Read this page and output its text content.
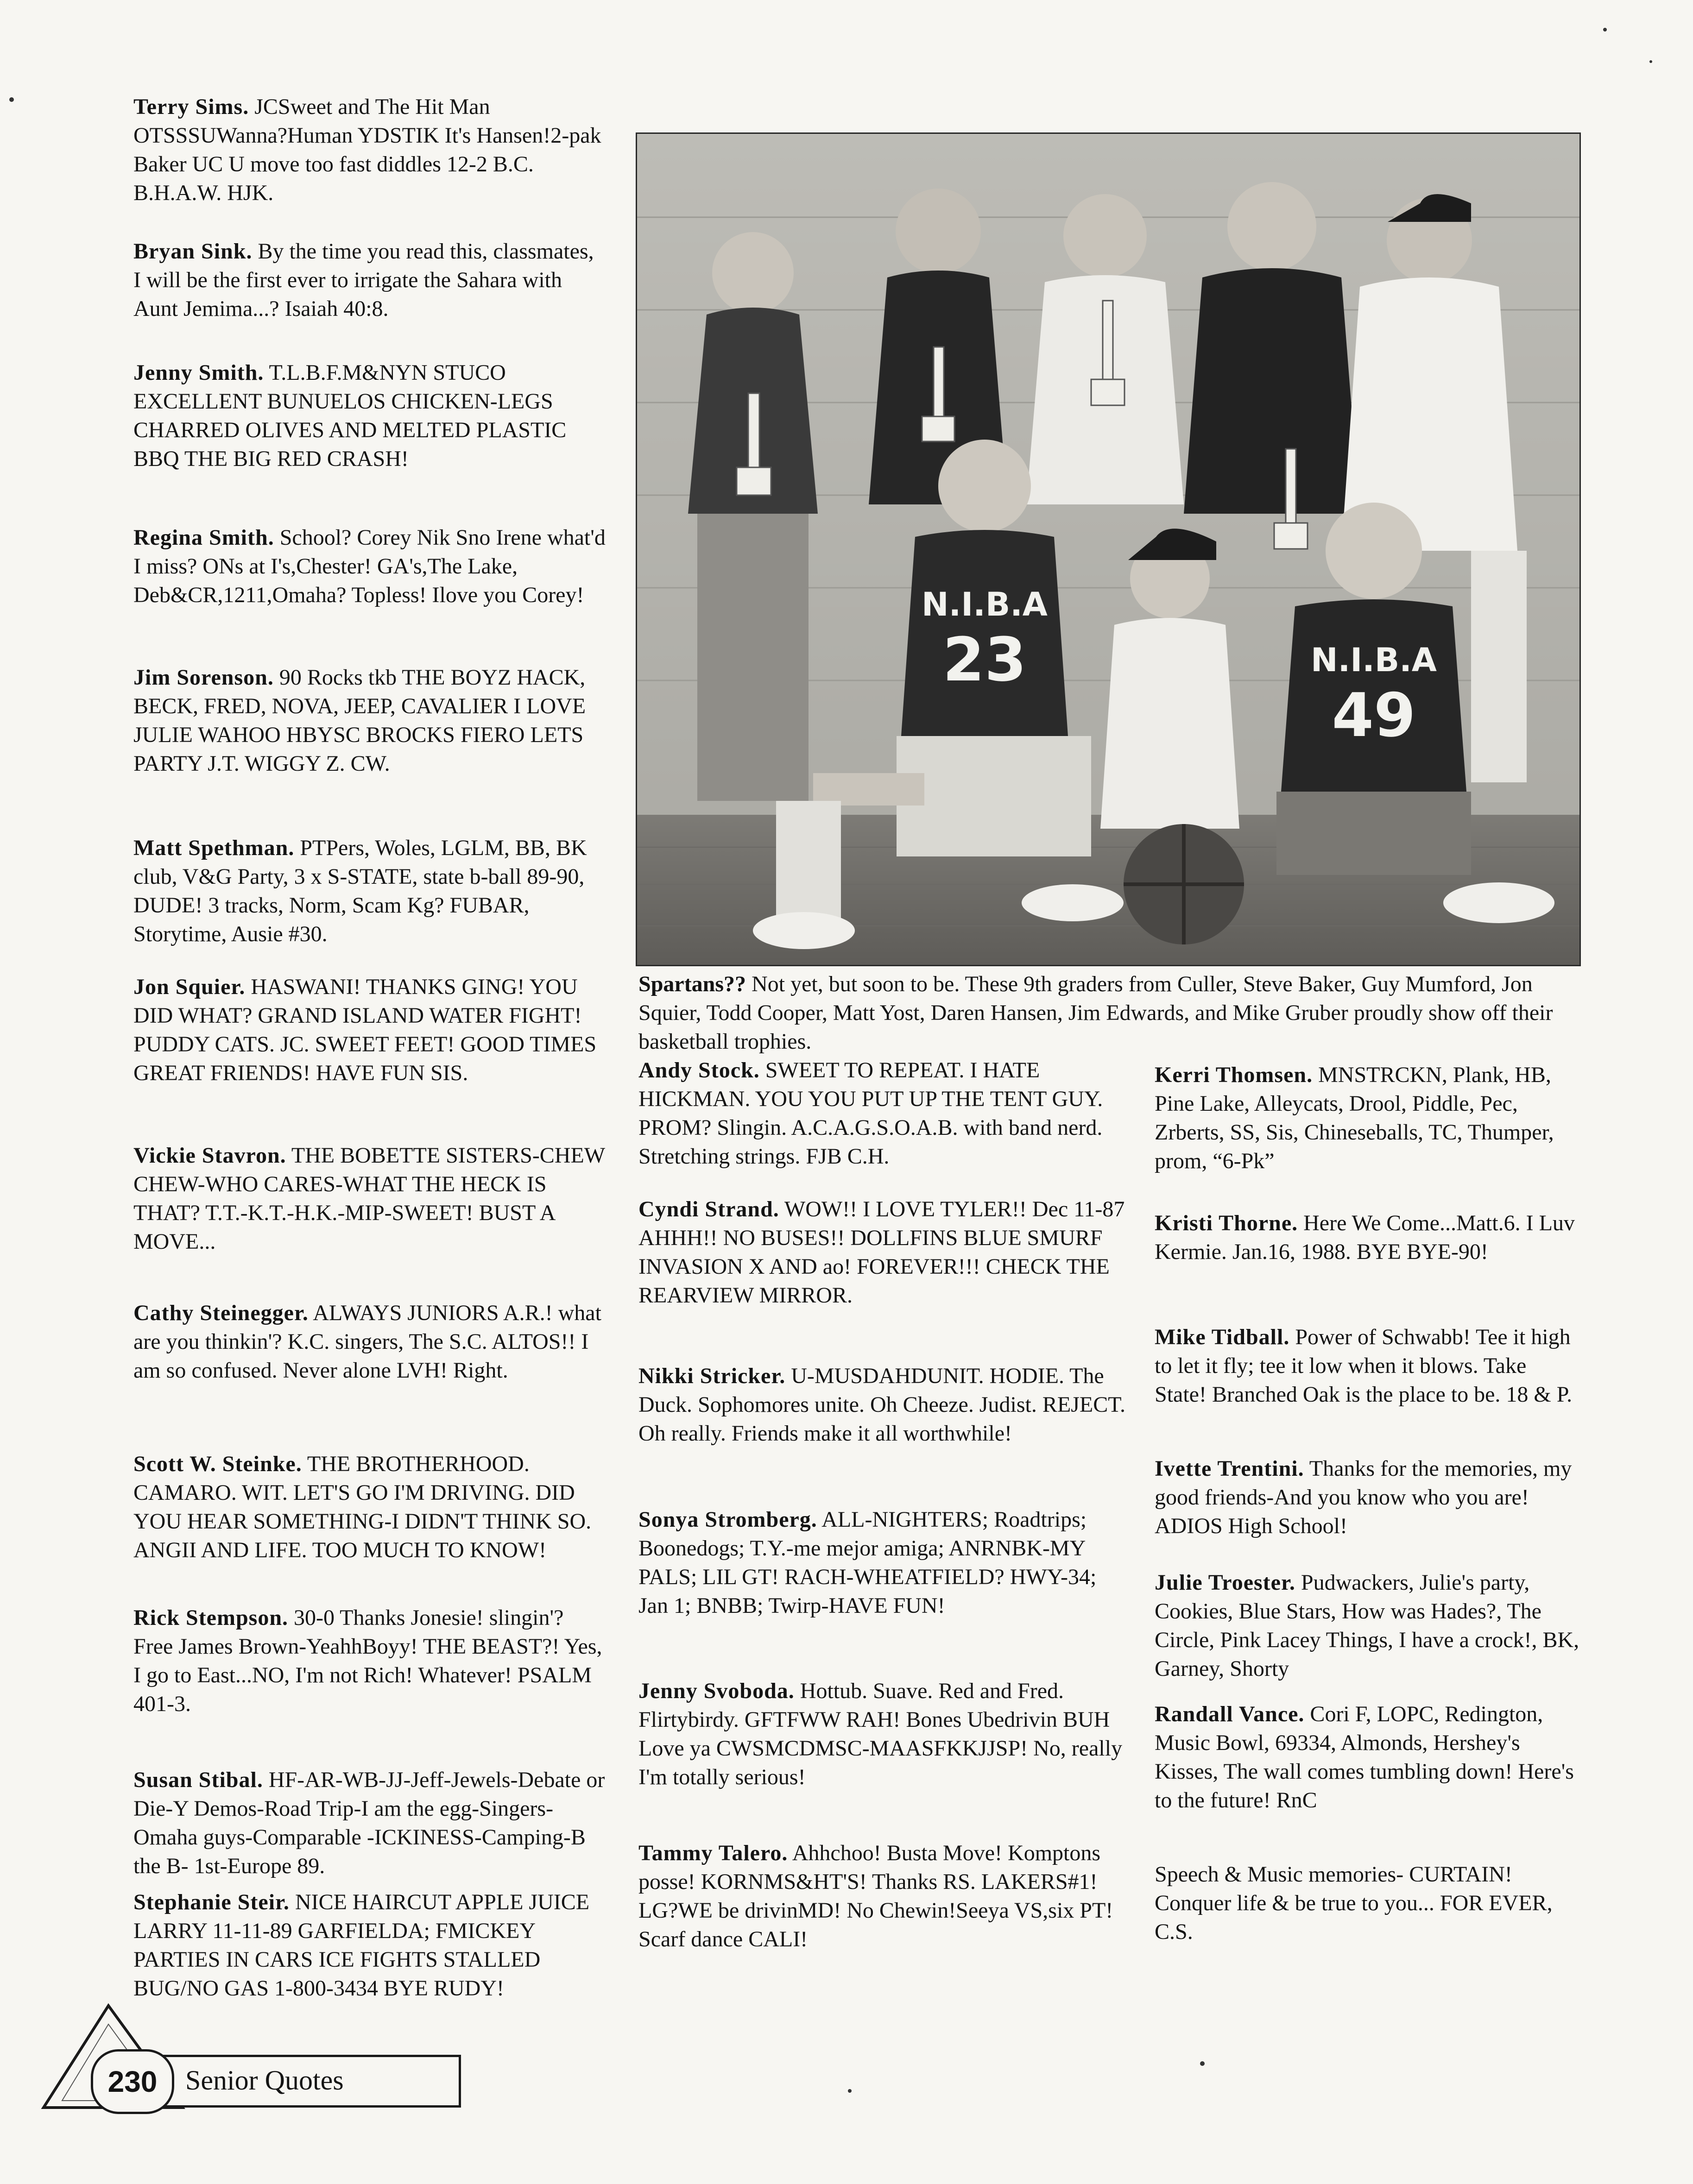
Terry Sims. JCSweet and The Hit Man OTSSSUWanna?Human YDSTIK It's Hansen!2-pak Baker UC U move too fast diddles 12-2 B.C. B.H.A.W. HJK.

Bryan Sink. By the time you read this, classmates, I will be the first ever to irrigate the Sahara with Aunt Jemima...? Isaiah 40:8.

Jenny Smith. T.L.B.F.M&NYN STUCO EXCELLENT BUNUELOS CHICKEN-LEGS CHARRED OLIVES AND MELTED PLASTIC BBQ THE BIG RED CRASH!

Regina Smith. School? Corey Nik Sno Irene what'd I miss? ONs at I's,Chester! GA's,The Lake, Deb&CR,1211,Omaha? Topless! Ilove you Corey!

Jim Sorenson. 90 Rocks tkb THE BOYZ HACK, BECK, FRED, NOVA, JEEP, CAVALIER I LOVE JULIE WAHOO HBYSC BROCKS FIERO LETS PARTY J.T. WIGGY Z. CW.

Matt Spethman. PTPers, Woles, LGLM, BB, BK club, V&G Party, 3 x S-STATE, state b-ball 89-90, DUDE! 3 tracks, Norm, Scam Kg? FUBAR, Storytime, Ausie #30.

Jon Squier. HASWANI! THANKS GING! YOU DID WHAT? GRAND ISLAND WATER FIGHT! PUDDY CATS. JC. SWEET FEET! GOOD TIMES GREAT FRIENDS! HAVE FUN SIS.

Vickie Stavron. THE BOBETTE SISTERS-CHEW CHEW-WHO CARES-WHAT THE HECK IS THAT? T.T.-K.T.-H.K.-MIP-SWEET! BUST A MOVE...

Cathy Steinegger. ALWAYS JUNIORS A.R.! what are you thinkin'? K.C. singers, The S.C. ALTOS!! I am so confused. Never alone LVH! Right.

Scott W. Steinke. THE BROTHERHOOD. CAMARO. WIT. LET'S GO I'M DRIVING. DID YOU HEAR SOMETHING-I DIDN'T THINK SO. ANGII AND LIFE. TOO MUCH TO KNOW!

Rick Stempson. 30-0 Thanks Jonesie! slingin'? Free James Brown-YeahhBoyy! THE BEAST?! Yes, I go to East...NO, I'm not Rich! Whatever! PSALM 401-3.

Susan Stibal. HF-AR-WB-JJ-Jeff-Jewels-Debate or Die-Y Demos-Road Trip-I am the egg-Singers-Omaha guys-Comparable -ICKINESS-Camping-B the B- 1st-Europe 89.

Stephanie Steir. NICE HAIRCUT APPLE JUICE LARRY 11-11-89 GARFIELDA; FMICKEY PARTIES IN CARS ICE FIGHTS STALLED BUG/NO GAS 1-800-3434 BYE RUDY!

N.I.B.A
23	N.I.B.A
49

Spartans?? Not yet, but soon to be. These 9th graders from Culler, Steve Baker, Guy Mumford, Jon Squier, Todd Cooper, Matt Yost, Daren Hansen, Jim Edwards, and Mike Gruber proudly show off their basketball trophies.

Andy Stock. SWEET TO REPEAT. I HATE HICKMAN. YOU YOU PUT UP THE TENT GUY. PROM? Slingin. A.C.A.G.S.O.A.B. with band nerd. Stretching strings. FJB C.H.

Cyndi Strand. WOW!! I LOVE TYLER!! Dec 11-87 AHHH!! NO BUSES!! DOLLFINS BLUE SMURF INVASION X AND ao! FOREVER!!! CHECK THE REARVIEW MIRROR.

Nikki Stricker. U-MUSDAHDUNIT. HODIE. The Duck. Sophomores unite. Oh Cheeze. Judist. REJECT. Oh really. Friends make it all worthwhile!

Sonya Stromberg. ALL-NIGHTERS; Roadtrips; Boonedogs; T.Y.-me mejor amiga; ANRNBK-MY PALS; LIL GT! RACH-WHEATFIELD? HWY-34; Jan 1; BNBB; Twirp-HAVE FUN!

Jenny Svoboda. Hottub. Suave. Red and Fred. Flirtybirdy. GFTFWW RAH! Bones Ubedrivin BUH Love ya CWSMCDMSC-MAASFKKJJSP! No, really I'm totally serious!

Tammy Talero. Ahhchoo! Busta Move! Komptons posse! KORNMS&HT'S! Thanks RS. LAKERS#1! LG?WE be drivinMD! No Chewin!Seeya VS,six PT! Scarf dance CALI!

Kerri Thomsen. MNSTRCKN, Plank, HB, Pine Lake, Alleycats, Drool, Piddle, Pec, Zrberts, SS, Sis, Chineseballs, TC, Thumper, prom, “6-Pk”

Kristi Thorne. Here We Come...Matt.6. I Luv Kermie. Jan.16, 1988. BYE BYE-90!

Mike Tidball. Power of Schwabb! Tee it high to let it fly; tee it low when it blows. Take State! Branched Oak is the place to be. 18 & P.

Ivette Trentini. Thanks for the memories, my good friends-And you know who you are! ADIOS High School!

Julie Troester. Pudwackers, Julie's party, Cookies, Blue Stars, How was Hades?, The Circle, Pink Lacey Things, I have a crock!, BK, Garney, Shorty

Randall Vance. Cori F, LOPC, Redington, Music Bowl, 69334, Almonds, Hershey's Kisses, The wall comes tumbling down! Here's to the future! RnC

Speech & Music memories- CURTAIN! Conquer life & be true to you... FOR EVER, C.S.

230	Senior Quotes
